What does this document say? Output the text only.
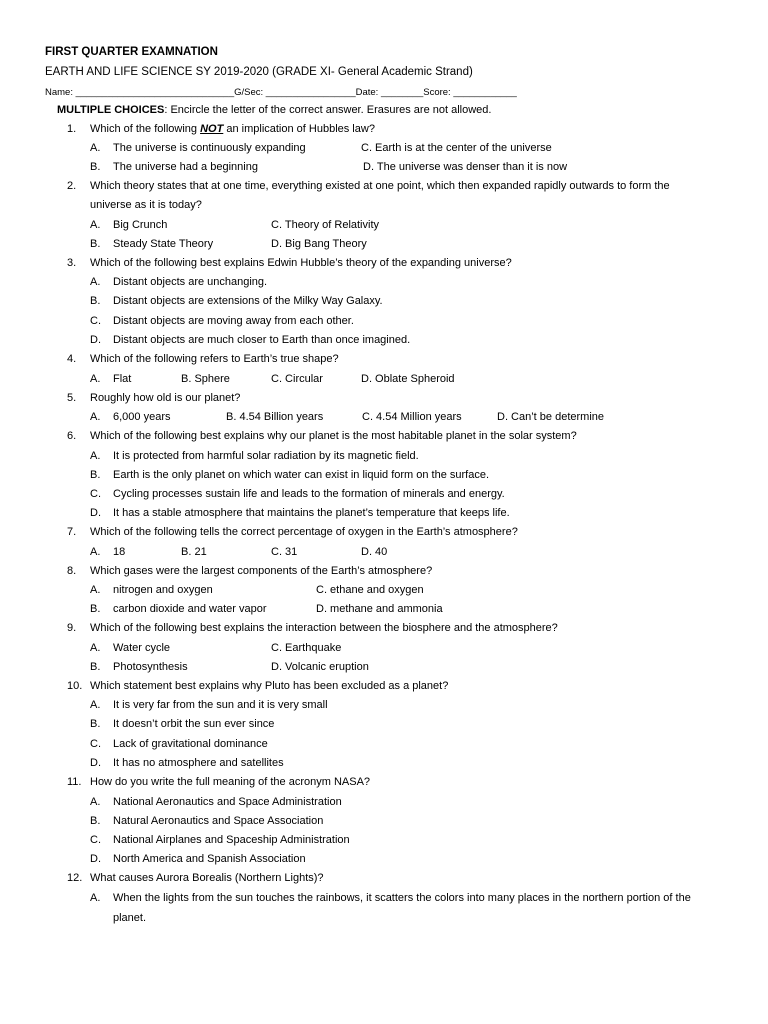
FIRST QUARTER EXAMNATION
EARTH AND LIFE SCIENCE SY 2019-2020 (GRADE XI- General Academic Strand)
Name: ______________________________G/Sec: _________________Date: ________Score: ____________
MULTIPLE CHOICES: Encircle the letter of the correct answer. Erasures are not allowed.
1. Which of the following NOT an implication of Hubbles law?
A. The universe is continuously expanding	C. Earth is at the center of the universe
B. The universe had a beginning	D. The universe was denser than it is now
2. Which theory states that at one time, everything existed at one point, which then expanded rapidly outwards to form the
universe as it is today?
A. Big Crunch	C. Theory of Relativity
B. Steady State Theory	D. Big Bang Theory
3. Which of the following best explains Edwin Hubble’s theory of the expanding universe?
A. Distant objects are unchanging.
B. Distant objects are extensions of the Milky Way Galaxy.
C. Distant objects are moving away from each other.
D. Distant objects are much closer to Earth than once imagined.
4. Which of the following refers to Earth’s true shape?
A. Flat	B. Sphere	C. Circular	D. Oblate Spheroid
5. Roughly how old is our planet?
A. 6,000 years	B. 4.54 Billion years	C. 4.54 Million years	D. Can’t be determine
6. Which of the following best explains why our planet is the most habitable planet in the solar system?
A. It is protected from harmful solar radiation by its magnetic field.
B. Earth is the only planet on which water can exist in liquid form on the surface.
C. Cycling processes sustain life and leads to the formation of minerals and energy.
D. It has a stable atmosphere that maintains the planet’s temperature that keeps life.
7. Which of the following tells the correct percentage of oxygen in the Earth’s atmosphere?
A. 18	B. 21	C. 31	D. 40
8. Which gases were the largest components of the Earth’s atmosphere?
A. nitrogen and oxygen	C. ethane and oxygen
B. carbon dioxide and water vapor	D. methane and ammonia
9. Which of the following best explains the interaction between the biosphere and the atmosphere?
A. Water cycle	C. Earthquake
B. Photosynthesis	D. Volcanic eruption
10. Which statement best explains why Pluto has been excluded as a planet?
A. It is very far from the sun and it is very small
B. It doesn’t orbit the sun ever since
C. Lack of gravitational dominance
D. It has no atmosphere and satellites
11. How do you write the full meaning of the acronym NASA?
A. National Aeronautics and Space Administration
B. Natural Aeronautics and Space Association
C. National Airplanes and Spaceship Administration
D. North America and Spanish Association
12. What causes Aurora Borealis (Northern Lights)?
A. When the lights from the sun touches the rainbows, it scatters the colors into many places in the northern portion of the
planet.
